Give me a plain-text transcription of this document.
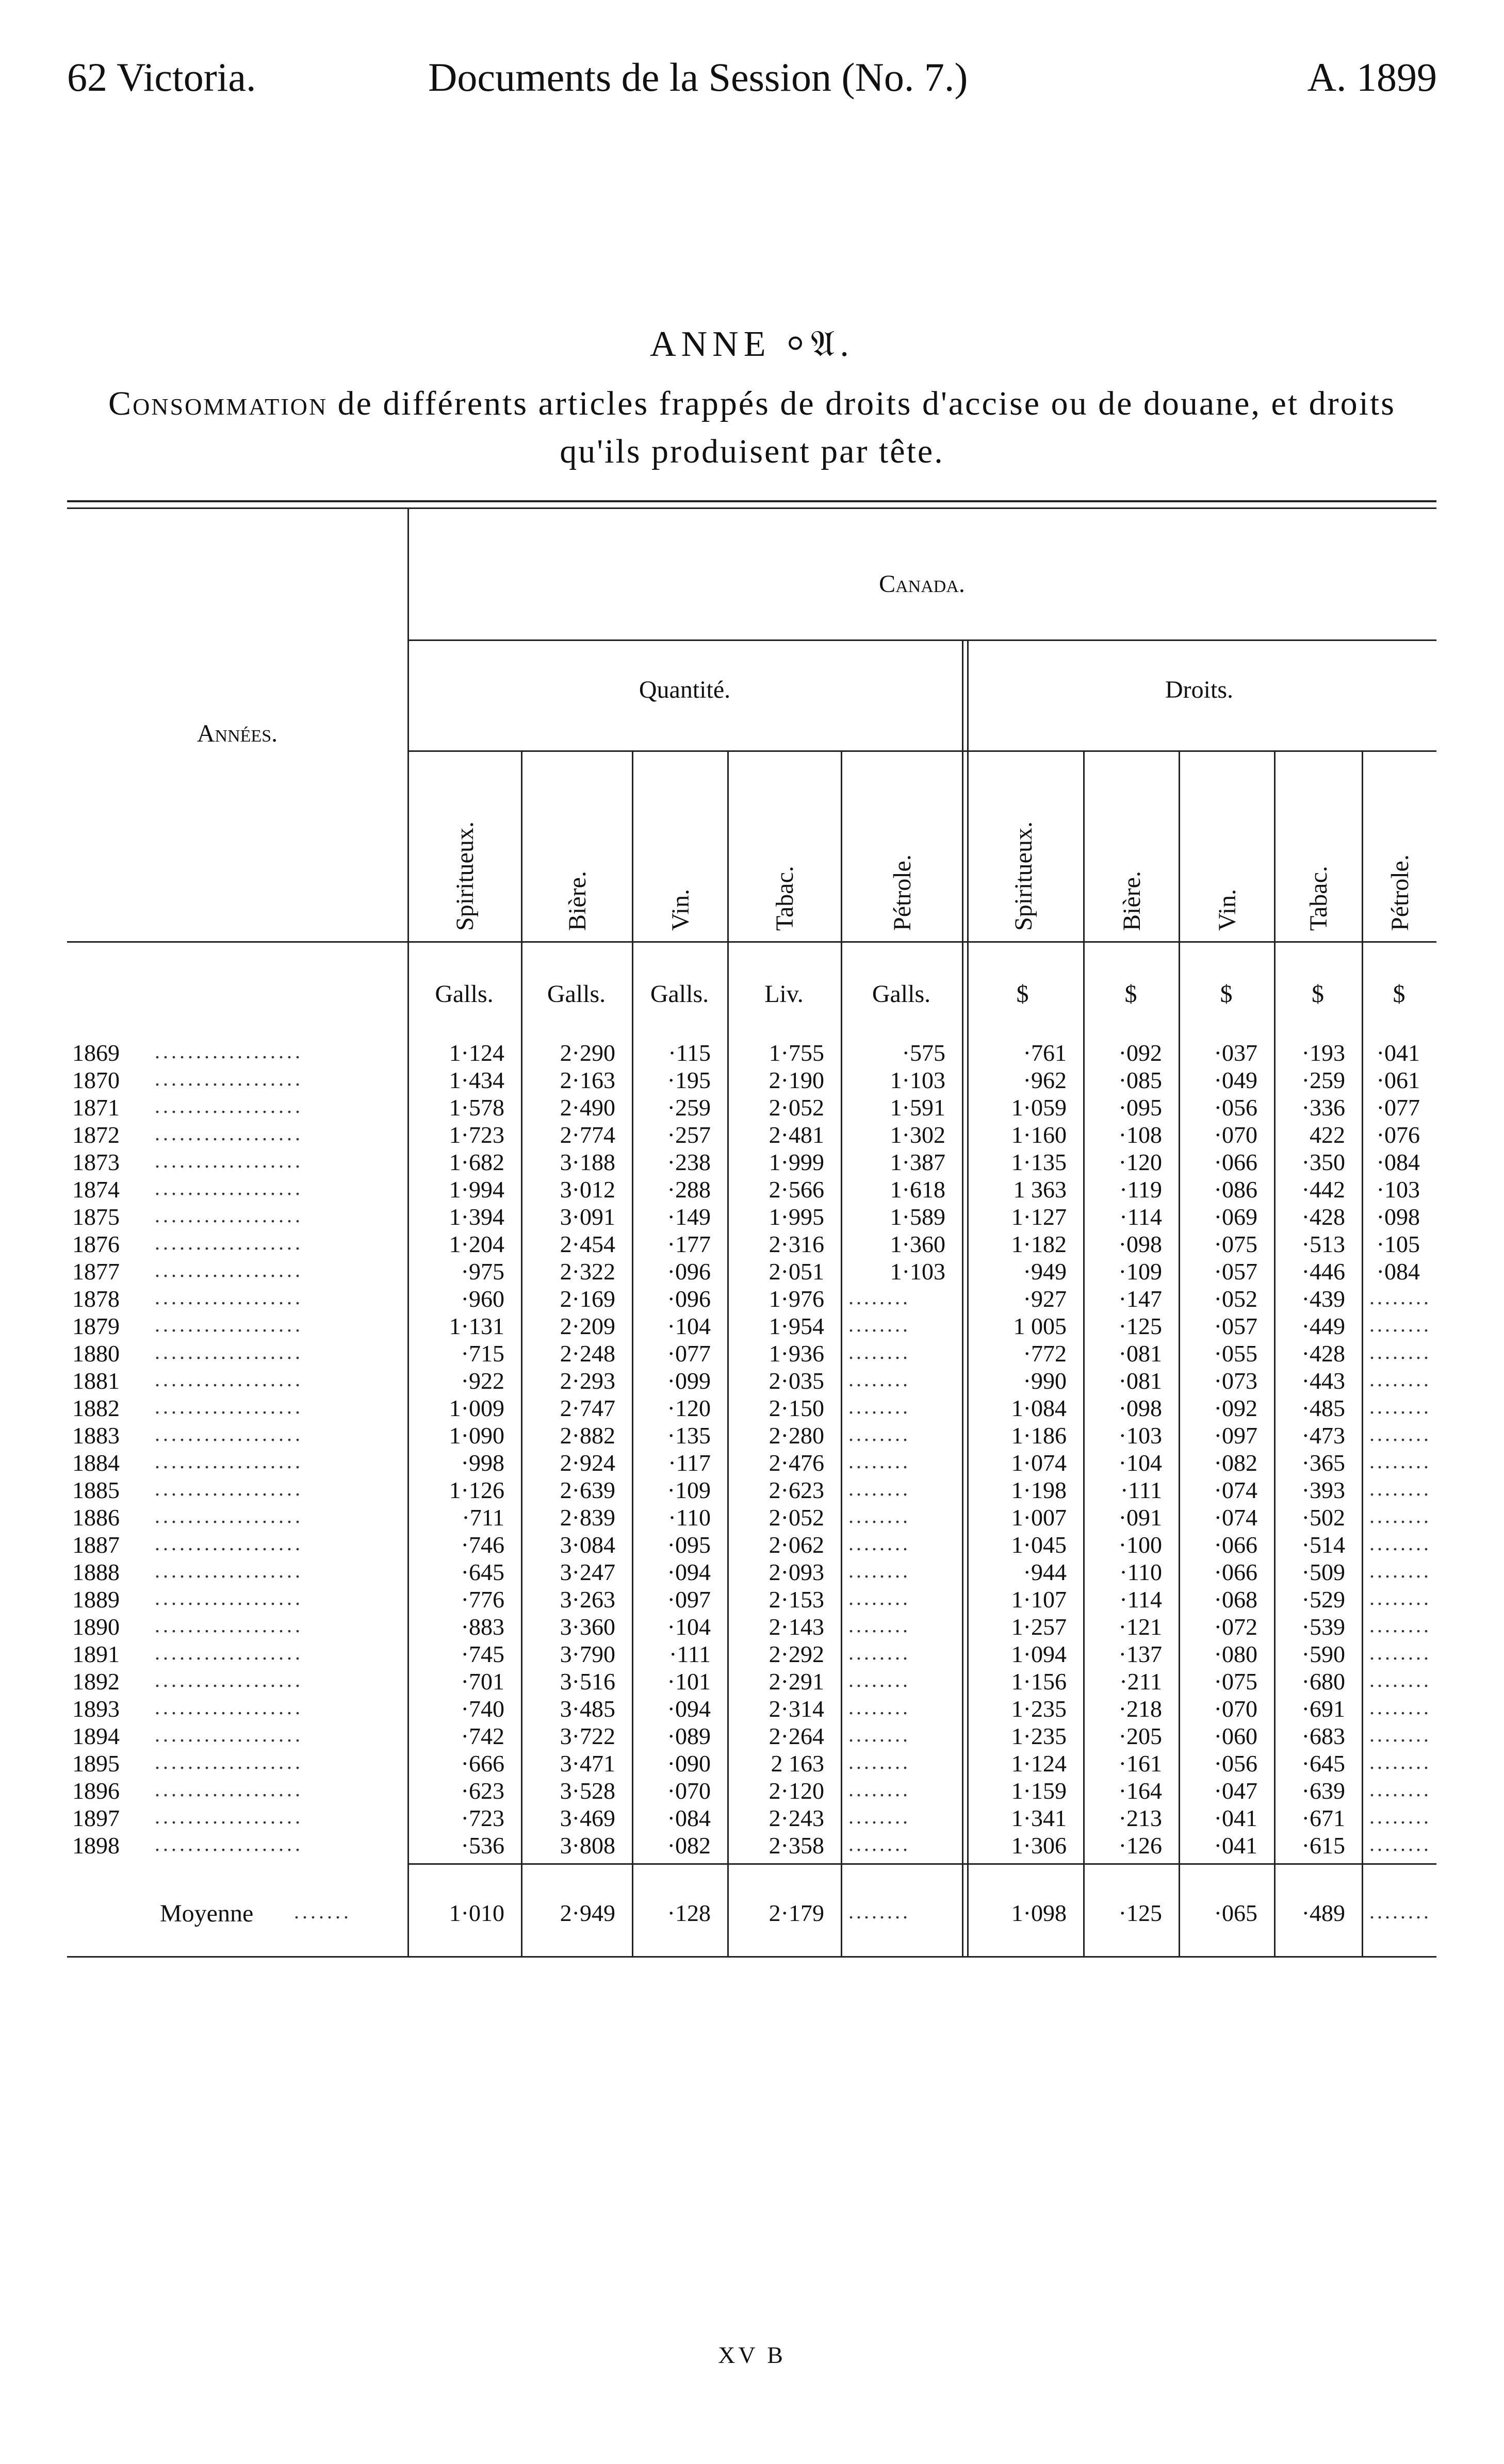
62 Victoria.	Documents de la Session (No. 7.)	A. 1899
ANNE ⸰𝔄.
Consommation de différents articles frappés de droits d'accise ou de douane, et droits
qu'ils produisent par tête.
Années.
Canada.
Quantité.	Droits.
Spiritueux.	Bière.	Vin.	Tabac.	Pétrole.	Spiritueux.	Bière.	Vin.	Tabac. Pétrole.
Galls.	Galls.	Galls.	Liv.	Galls.	$	$	$	$	$
1869 ..................	1·124	2·290	·115	1·755	·575	·761	·092	·037	·193	·041
1870 ..................	1·434	2·163	·195	2·190	1·103	·962	·085	·049	·259	·061
1871 ..................	1·578	2·490	·259	2·052	1·591	1·059	·095	·056	·336	·077
1872 ..................	1·723	2·774	·257	2·481	1·302	1·160	·108	·070	422	·076
1873 ..................	1·682	3·188	·238	1·999	1·387	1·135	·120	·066	·350	·084
1874 ..................	1·994	3·012	·288	2·566	1·618	1 363	·119	·086	·442	·103
1875 ..................	1·394	3·091	·149	1·995	1·589	1·127	·114	·069	·428	·098
1876 ..................	1·204	2·454	·177	2·316	1·360	1·182	·098	·075	·513	·105
1877 ..................	·975	2·322	·096	2·051	1·103	·949	·109	·057	·446	·084
1878 ..................	·960	2·169	·096	1·976 ........	·927	·147	·052	·439 ........
1879 ..................	1·131	2·209	·104	1·954 ........	1 005	·125	·057	·449 ........
1880 ..................	·715	2·248	·077	1·936 ........	·772	·081	·055	·428 ........
1881 ..................	·922	2·293	·099	2·035 ........	·990	·081	·073	·443 ........
1882 ..................	1·009	2·747	·120	2·150 ........	1·084	·098	·092	·485 ........
1883 ..................	1·090	2·882	·135	2·280 ........	1·186	·103	·097	·473 ........
1884 ..................	·998	2·924	·117	2·476 ........	1·074	·104	·082	·365 ........
1885 ..................	1·126	2·639	·109	2·623 ........	1·198	·111	·074	·393 ........
1886 ..................	·711	2·839	·110	2·052 ........	1·007	·091	·074	·502 ........
1887 ..................	·746	3·084	·095	2·062 ........	1·045	·100	·066	·514 ........
1888 ..................	·645	3·247	·094	2·093 ........	·944	·110	·066	·509 ........
1889 ..................	·776	3·263	·097	2·153 ........	1·107	·114	·068	·529 ........
1890 ..................	·883	3·360	·104	2·143 ........	1·257	·121	·072	·539 ........
1891 ..................	·745	3·790	·111	2·292 ........	1·094	·137	·080	·590 ........
1892 ..................	·701	3·516	·101	2·291 ........	1·156	·211	·075	·680 ........
1893 ..................	·740	3·485	·094	2·314 ........	1·235	·218	·070	·691 ........
1894 ..................	·742	3·722	·089	2·264 ........	1·235	·205	·060	·683 ........
1895 ..................	·666	3·471	·090	2 163 ........	1·124	·161	·056	·645 ........
1896 ..................	·623	3·528	·070	2·120 ........	1·159	·164	·047	·639 ........
1897 ..................	·723	3·469	·084	2·243 ........	1·341	·213	·041	·671 ........
1898 ..................	·536	3·808	·082	2·358 ........	1·306	·126	·041	·615 ........
Moyenne .......	1·010	2·949	·128	2·179 ........	1·098	·125	·065	·489 ........
XV B
